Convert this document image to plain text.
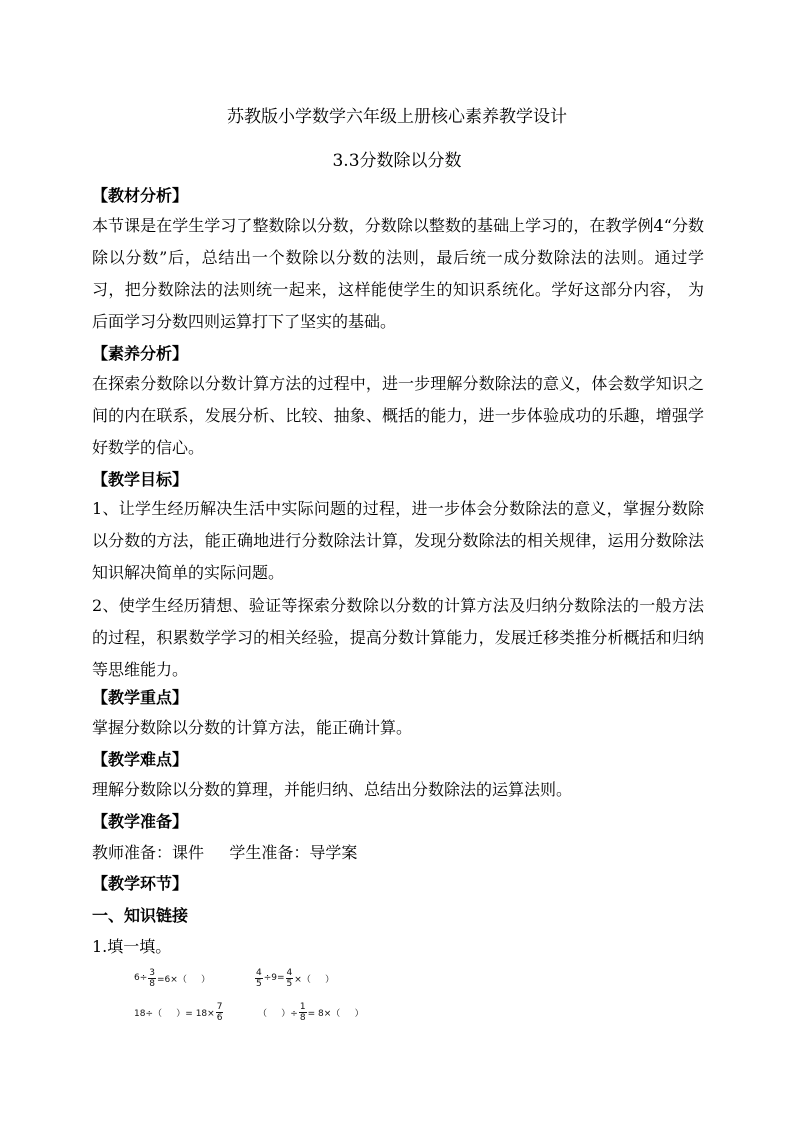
苏教版小学数学六年级上册核心素养教学设计
3.3分数除以分数
【教材分析】
本节课是在学生学习了整数除以分数，分数除以整数的基础上学习的，在教学例4“分数除以分数”后，总结出一个数除以分数的法则，最后统一成分数除法的法则。通过学习，把分数除法的法则统一起来，这样能使学生的知识系统化。学好这部分内容， 为后面学习分数四则运算打下了坚实的基础。
【素养分析】
在探索分数除以分数计算方法的过程中，进一步理解分数除法的意义，体会数学知识之间的内在联系，发展分析、比较、抽象、概括的能力，进一步体验成功的乐趣，增强学好数学的信心。
【教学目标】
1、让学生经历解决生活中实际问题的过程，进一步体会分数除法的意义，掌握分数除以分数的方法，能正确地进行分数除法计算，发现分数除法的相关规律，运用分数除法知识解决简单的实际问题。
2、使学生经历猜想、验证等探索分数除以分数的计算方法及归纳分数除法的一般方法的过程，积累数学学习的相关经验，提高分数计算能力，发展迁移类推分析概括和归纳等思维能力。
【教学重点】
掌握分数除以分数的计算方法，能正确计算。
【教学难点】
理解分数除以分数的算理，并能归纳、总结出分数除法的运算法则。
【教学准备】
教师准备：课件     学生准备：导学案
【教学环节】
一、知识链接
1.填一填。
$6\div \frac{3}{8} =6\times$（     ）	$\frac{4}{5} \div 9= \frac{4}{5}$ ×（     ）
18÷（     ）= $18\times \frac{7}{6}$	（     ）÷ $\frac{1}{8} = 8\times$（     ）
